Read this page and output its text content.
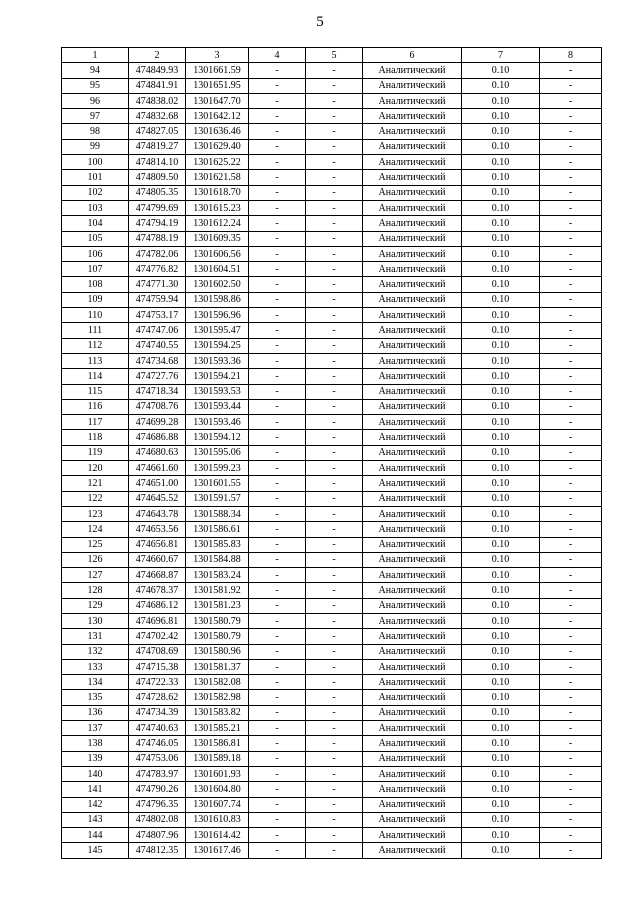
5
1	2	3	4	5	6	7	8
94	474849.93	1301661.59	-	-	Аналитический	0.10	-
95	474841.91	1301651.95	-	-	Аналитический	0.10	-
96	474838.02	1301647.70	-	-	Аналитический	0.10	-
97	474832.68	1301642.12	-	-	Аналитический	0.10	-
98	474827.05	1301636.46	-	-	Аналитический	0.10	-
99	474819.27	1301629.40	-	-	Аналитический	0.10	-
100	474814.10	1301625.22	-	-	Аналитический	0.10	-
101	474809.50	1301621.58	-	-	Аналитический	0.10	-
102	474805.35	1301618.70	-	-	Аналитический	0.10	-
103	474799.69	1301615.23	-	-	Аналитический	0.10	-
104	474794.19	1301612.24	-	-	Аналитический	0.10	-
105	474788.19	1301609.35	-	-	Аналитический	0.10	-
106	474782.06	1301606.56	-	-	Аналитический	0.10	-
107	474776.82	1301604.51	-	-	Аналитический	0.10	-
108	474771.30	1301602.50	-	-	Аналитический	0.10	-
109	474759.94	1301598.86	-	-	Аналитический	0.10	-
110	474753.17	1301596.96	-	-	Аналитический	0.10	-
111	474747.06	1301595.47	-	-	Аналитический	0.10	-
112	474740.55	1301594.25	-	-	Аналитический	0.10	-
113	474734.68	1301593.36	-	-	Аналитический	0.10	-
114	474727.76	1301594.21	-	-	Аналитический	0.10	-
115	474718.34	1301593.53	-	-	Аналитический	0.10	-
116	474708.76	1301593.44	-	-	Аналитический	0.10	-
117	474699.28	1301593.46	-	-	Аналитический	0.10	-
118	474686.88	1301594.12	-	-	Аналитический	0.10	-
119	474680.63	1301595.06	-	-	Аналитический	0.10	-
120	474661.60	1301599.23	-	-	Аналитический	0.10	-
121	474651.00	1301601.55	-	-	Аналитический	0.10	-
122	474645.52	1301591.57	-	-	Аналитический	0.10	-
123	474643.78	1301588.34	-	-	Аналитический	0.10	-
124	474653.56	1301586.61	-	-	Аналитический	0.10	-
125	474656.81	1301585.83	-	-	Аналитический	0.10	-
126	474660.67	1301584.88	-	-	Аналитический	0.10	-
127	474668.87	1301583.24	-	-	Аналитический	0.10	-
128	474678.37	1301581.92	-	-	Аналитический	0.10	-
129	474686.12	1301581.23	-	-	Аналитический	0.10	-
130	474696.81	1301580.79	-	-	Аналитический	0.10	-
131	474702.42	1301580.79	-	-	Аналитический	0.10	-
132	474708.69	1301580.96	-	-	Аналитический	0.10	-
133	474715.38	1301581.37	-	-	Аналитический	0.10	-
134	474722.33	1301582.08	-	-	Аналитический	0.10	-
135	474728.62	1301582.98	-	-	Аналитический	0.10	-
136	474734.39	1301583.82	-	-	Аналитический	0.10	-
137	474740.63	1301585.21	-	-	Аналитический	0.10	-
138	474746.05	1301586.81	-	-	Аналитический	0.10	-
139	474753.06	1301589.18	-	-	Аналитический	0.10	-
140	474783.97	1301601.93	-	-	Аналитический	0.10	-
141	474790.26	1301604.80	-	-	Аналитический	0.10	-
142	474796.35	1301607.74	-	-	Аналитический	0.10	-
143	474802.08	1301610.83	-	-	Аналитический	0.10	-
144	474807.96	1301614.42	-	-	Аналитический	0.10	-
145	474812.35	1301617.46	-	-	Аналитический	0.10	-
